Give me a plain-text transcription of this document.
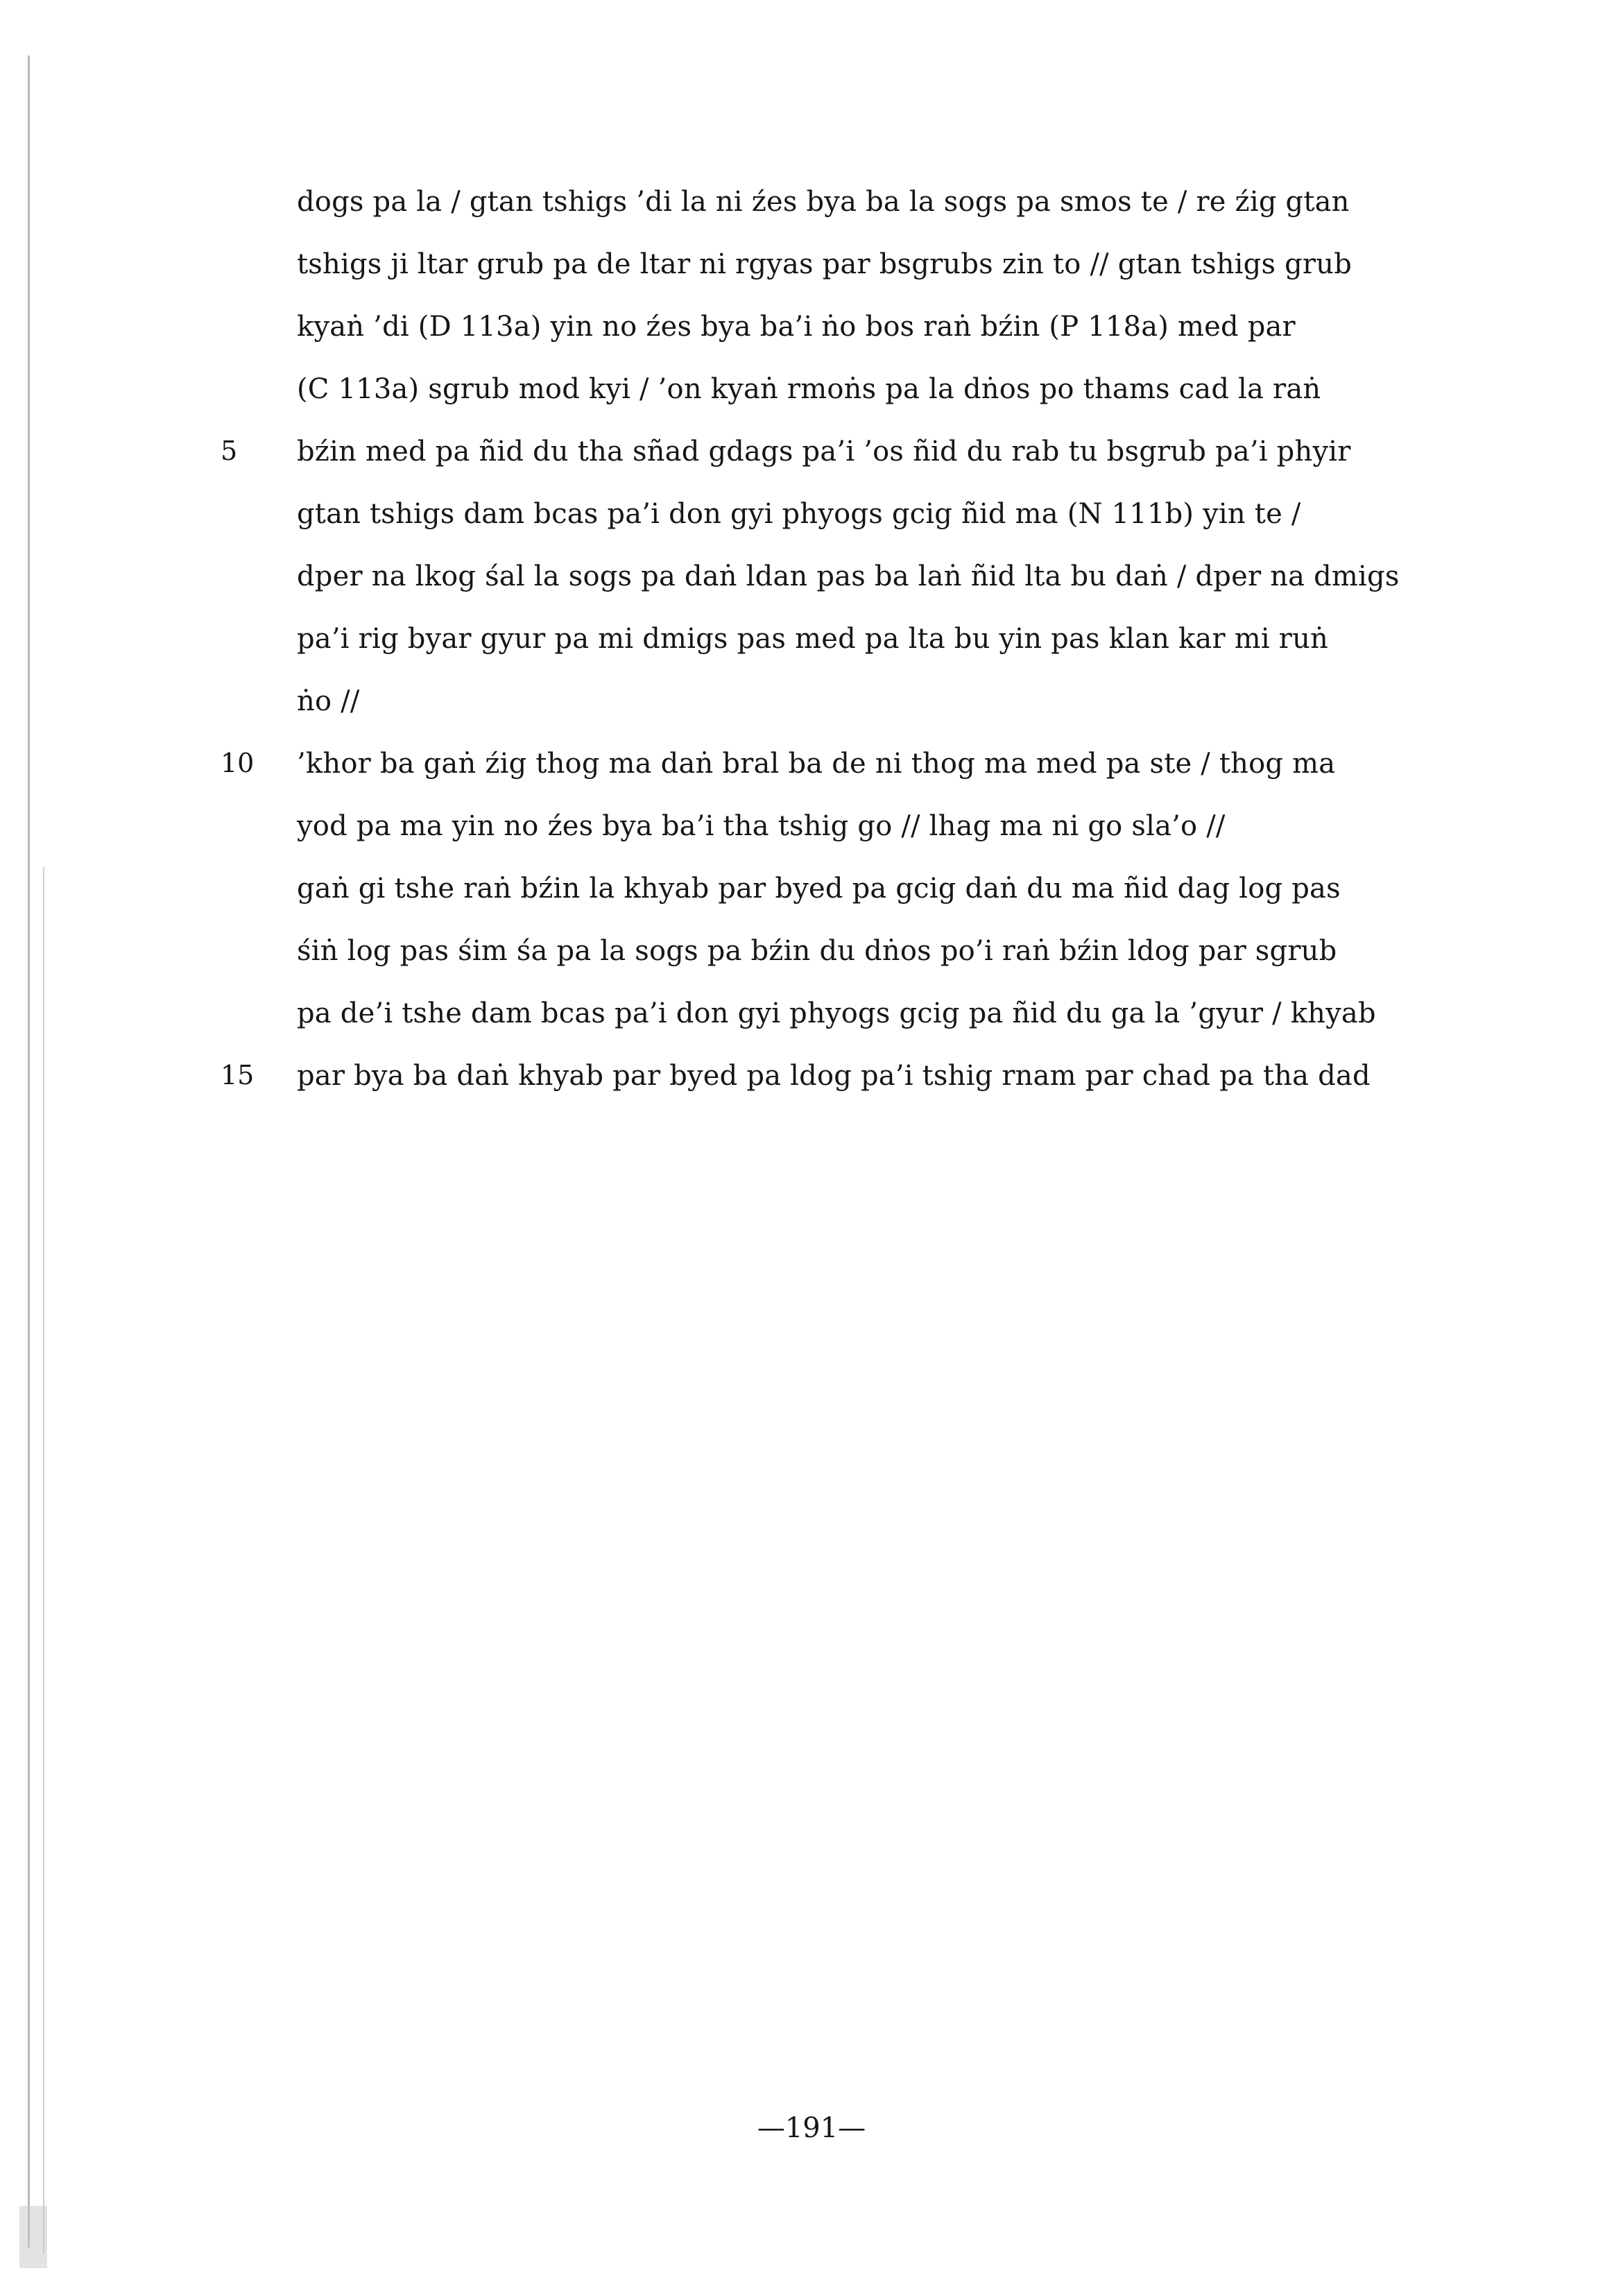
dogs pa la / gtan tshigs ’di la ni źes bya ba la sogs pa smos te / re źig gtan
tshigs ji ltar grub pa de ltar ni rgyas par bsgrubs zin to // gtan tshigs grub
kyaṅ ’di (D 113a) yin no źes bya ba’i ṅo bos raṅ bźin (P 118a) med par
(C 113a) sgrub mod kyi / ’on kyaṅ rmoṅs pa la dṅos po thams cad la raṅ
5 bźin med pa ñid du tha sñad gdags pa’i ’os ñid du rab tu bsgrub pa’i phyir
gtan tshigs dam bcas pa’i don gyi phyogs gcig ñid ma (N 111b) yin te /
dper na lkog śal la sogs pa daṅ ldan pas ba laṅ ñid lta bu daṅ / dper na dmigs
pa’i rig byar gyur pa mi dmigs pas med pa lta bu yin pas klan kar mi ruṅ
ṅo //
10 ’khor ba gaṅ źig thog ma daṅ bral ba de ni thog ma med pa ste / thog ma
yod pa ma yin no źes bya ba’i tha tshig go // lhag ma ni go sla’o //
gaṅ gi tshe raṅ bźin la khyab par byed pa gcig daṅ du ma ñid dag log pas
śiṅ log pas śim śa pa la sogs pa bźin du dṅos po’i raṅ bźin ldog par sgrub
pa de’i tshe dam bcas pa’i don gyi phyogs gcig pa ñid du ga la ’gyur / khyab
15 par bya ba daṅ khyab par byed pa ldog pa’i tshig rnam par chad pa tha dad
—191—
